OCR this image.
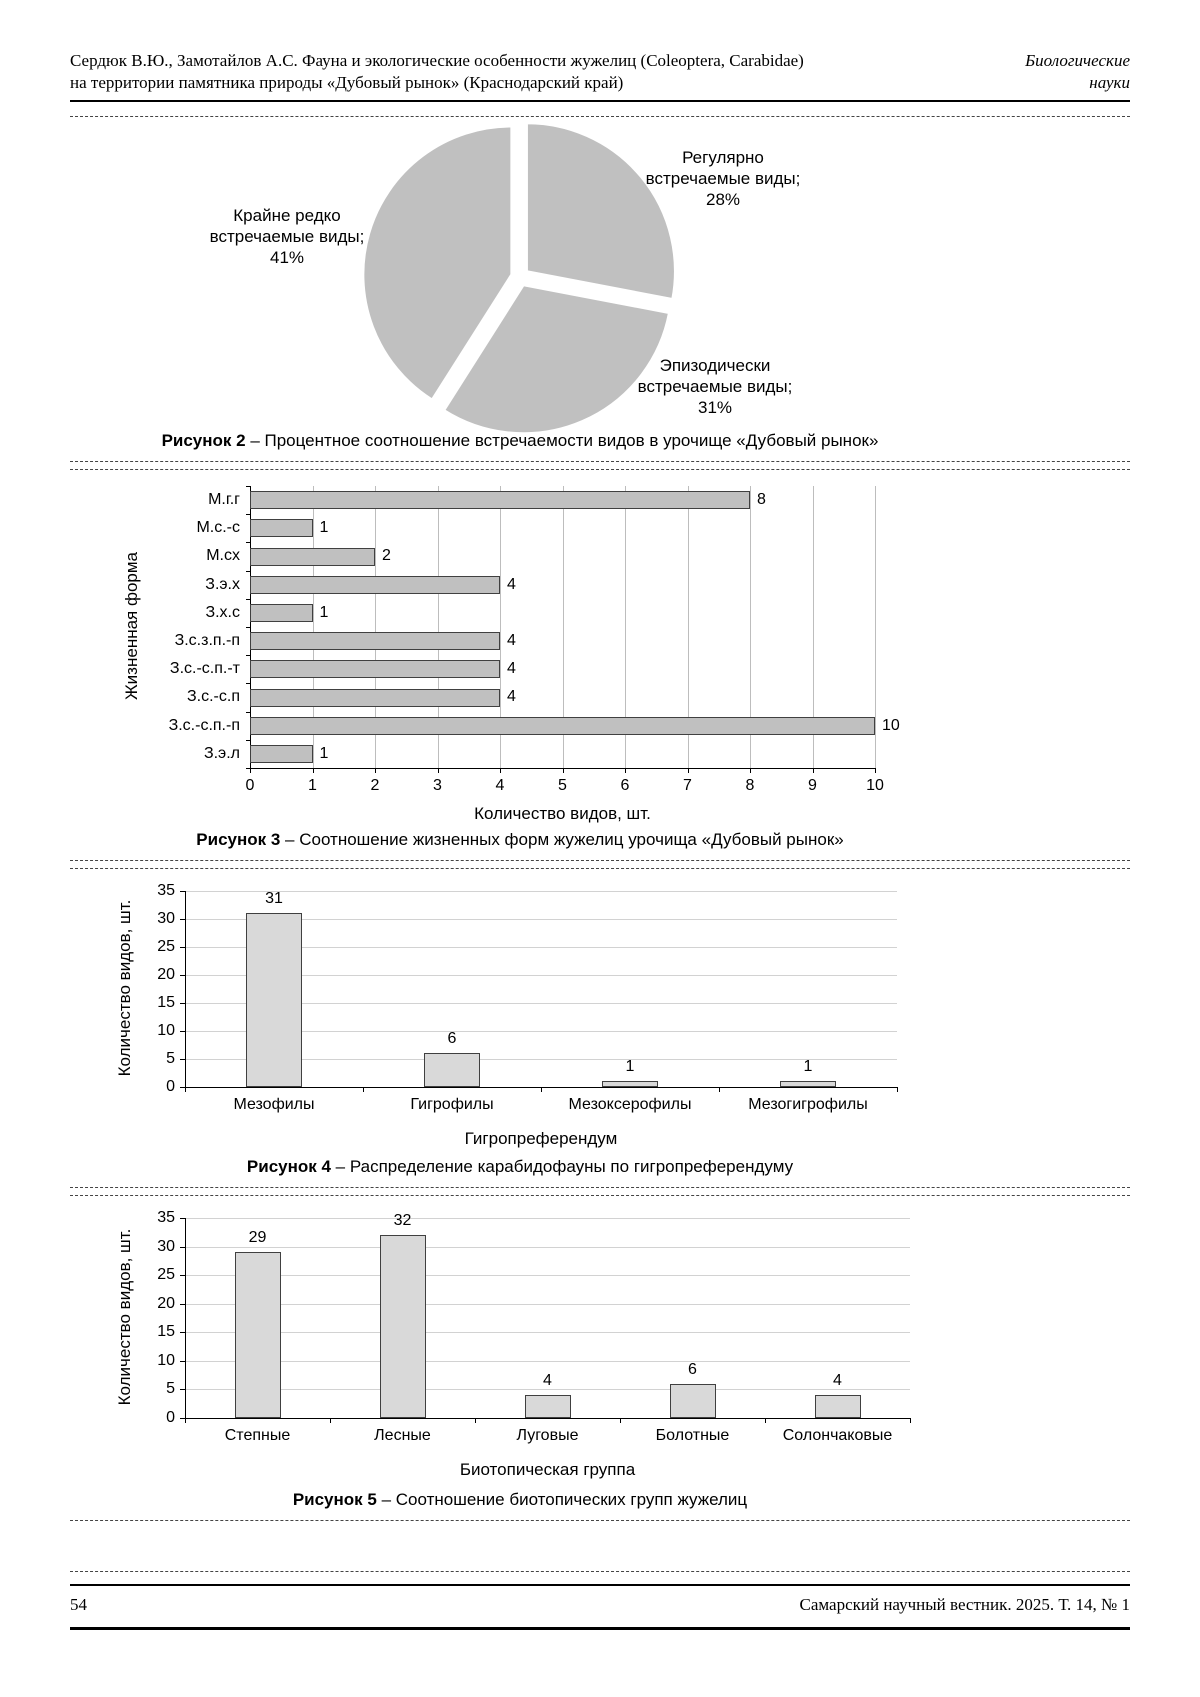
Сердюк В.Ю., Замотайлов А.С. Фауна и экологические особенности жужелиц (Coleoptera, Carabidae)
на территории памятника природы «Дубовый рынок» (Краснодарский край)
Биологические
науки
Регулярно встречаемые виды;
28%
Крайне редко встречаемые виды;
41%
Эпизодически встречаемые виды;
31%
Рисунок 2 – Процентное соотношение встречаемости видов в урочище «Дубовый рынок»
8
М.г.г
1
М.с.-с
2
М.сх
4
З.э.х
1
З.х.с
4
З.с.з.п.-п
4
З.с.-с.п.-т
4
З.с.-с.п
10
З.с.-с.п.-п
1
З.э.л
0	1	2	3	4	5	6	7	8	9	10
Количество видов, шт.
Жизненная форма
Рисунок 3 – Соотношение жизненных форм жужелиц урочища «Дубовый рынок»
0
5
10
15
20
25
30
35	31
Мезофилы
6
Гигрофилы
1
Мезоксерофилы
1
Мезогигрофилы
Гигропреферендум
Количество видов, шт.
Рисунок 4 – Распределение карабидофауны по гигропреферендуму
0
5
10
15
20
25
30
35
29
Степные
32
Лесные
4
Луговые
6
Болотные
4
Солончаковые
Биотопическая группа
Количество видов, шт.
Рисунок 5 – Соотношение биотопических групп жужелиц
54	Самарский научный вестник. 2025. Т. 14, № 1
